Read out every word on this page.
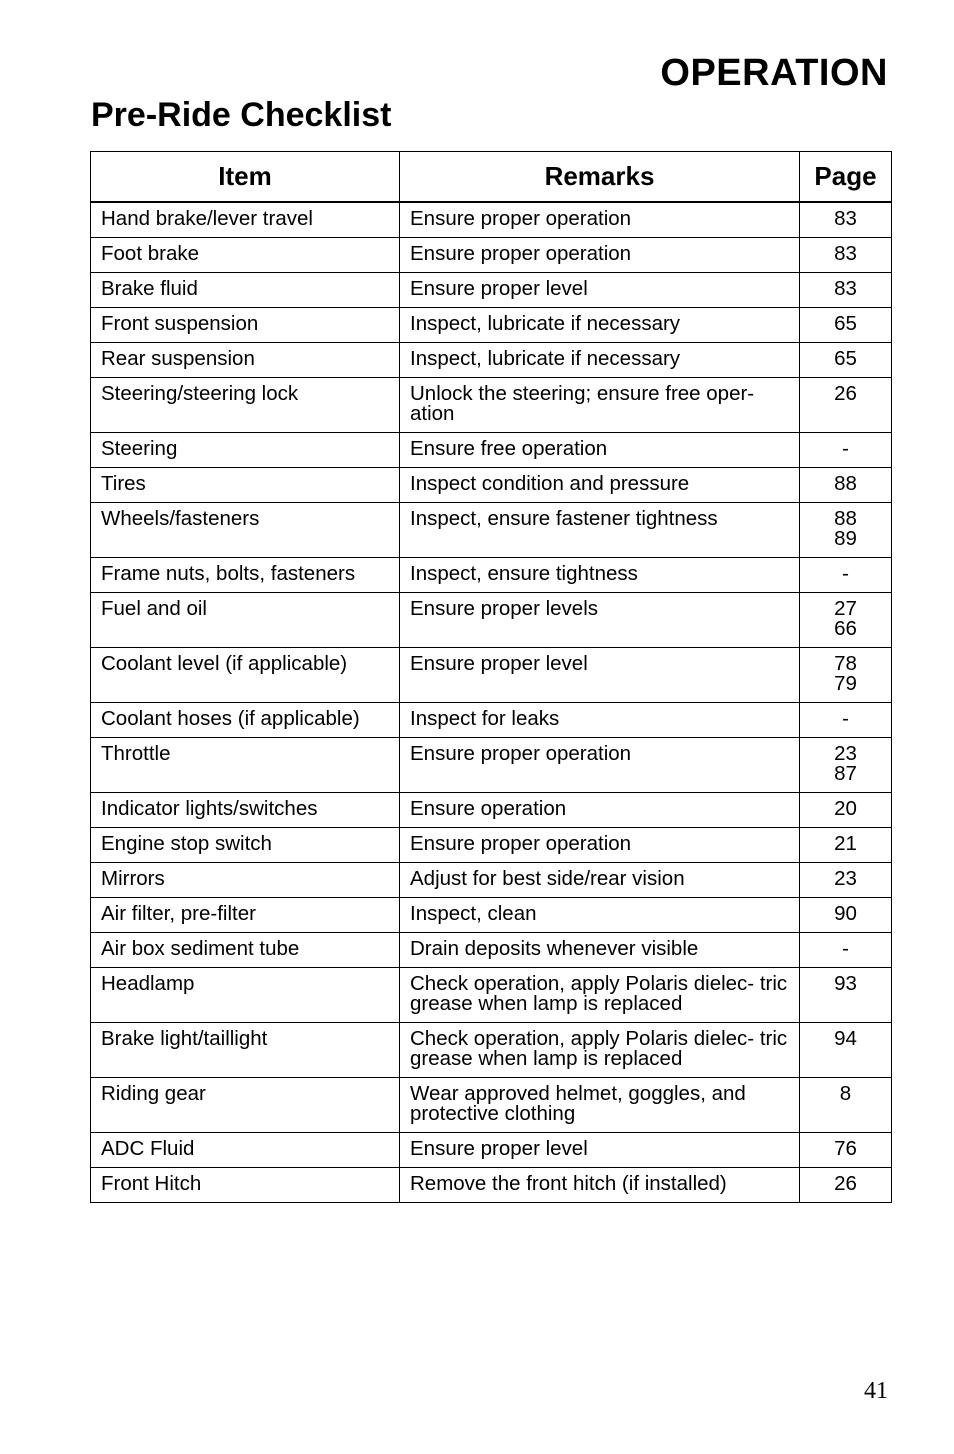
OPERATION
Pre-Ride Checklist
Item	Remarks	Page
Hand brake/lever travel	Ensure proper operation	83

Foot brake	Ensure proper operation	83

Brake fluid	Ensure proper level	83

Front suspension	Inspect, lubricate if necessary	65

Rear suspension	Inspect, lubricate if necessary	65

Steering/steering lock	Unlock the steering; ensure free oper- ation	26

Steering	Ensure free operation	-

Tires	Inspect condition and pressure	88

Wheels/fasteners	Inspect, ensure fastener tightness	88
89

Frame nuts, bolts, fasteners	Inspect, ensure tightness	-

Fuel and oil	Ensure proper levels	27
66

Coolant level (if applicable)	Ensure proper level	78
79

Coolant hoses (if applicable)	Inspect for leaks	-

Throttle	Ensure proper operation	23
87

Indicator lights/switches	Ensure operation	20

Engine stop switch	Ensure proper operation	21

Mirrors	Adjust for best side/rear vision	23

Air filter, pre-filter	Inspect, clean	90

Air box sediment tube	Drain deposits whenever visible	-

Headlamp	Check operation, apply Polaris dielec- tric grease when lamp is replaced	93

Brake light/taillight	Check operation, apply Polaris dielec- tric grease when lamp is replaced	94

Riding gear	Wear approved helmet, goggles, and protective clothing	8

ADC Fluid	Ensure proper level	76

Front Hitch	Remove the front hitch (if installed)	26
41
